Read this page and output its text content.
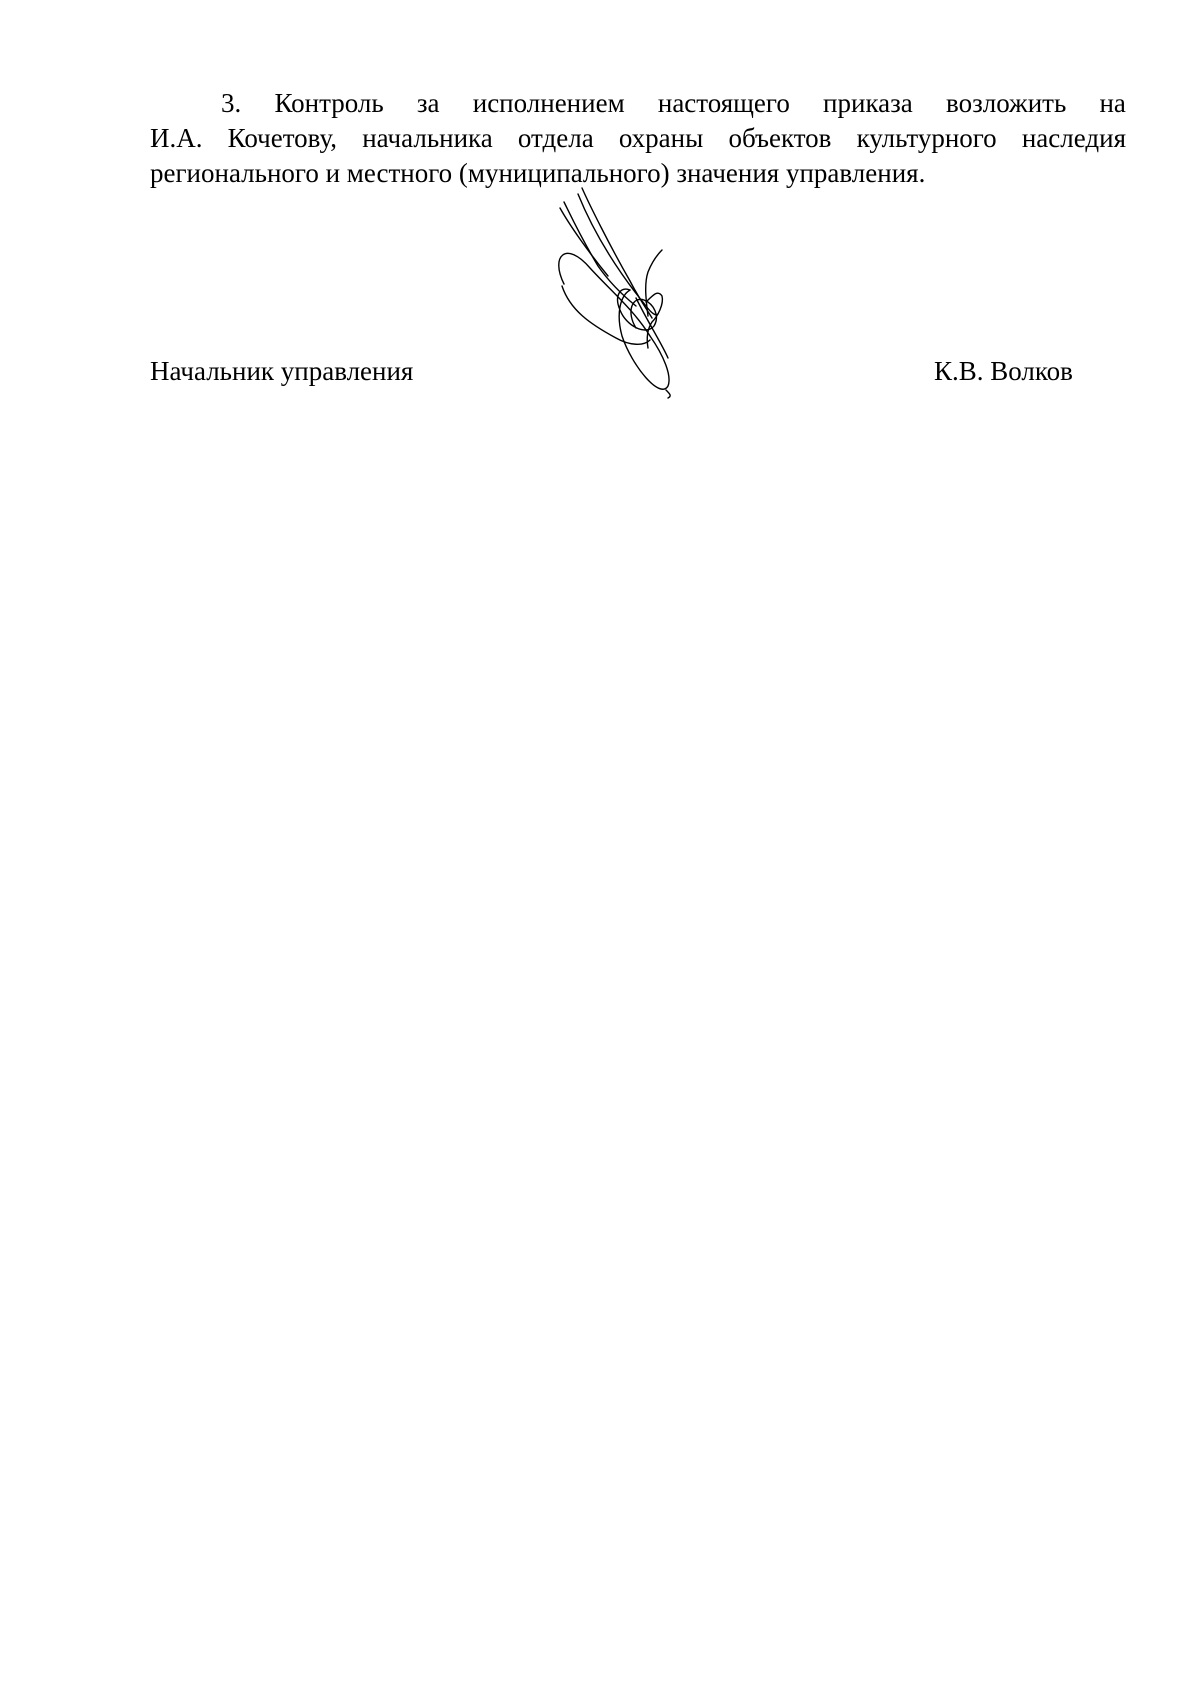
3. Контроль за исполнением настоящего приказа возложить на
И.А. Кочетову, начальника отдела охраны объектов культурного наследия
регионального и местного (муниципального) значения управления.
Начальник управления	К.В. Волков
